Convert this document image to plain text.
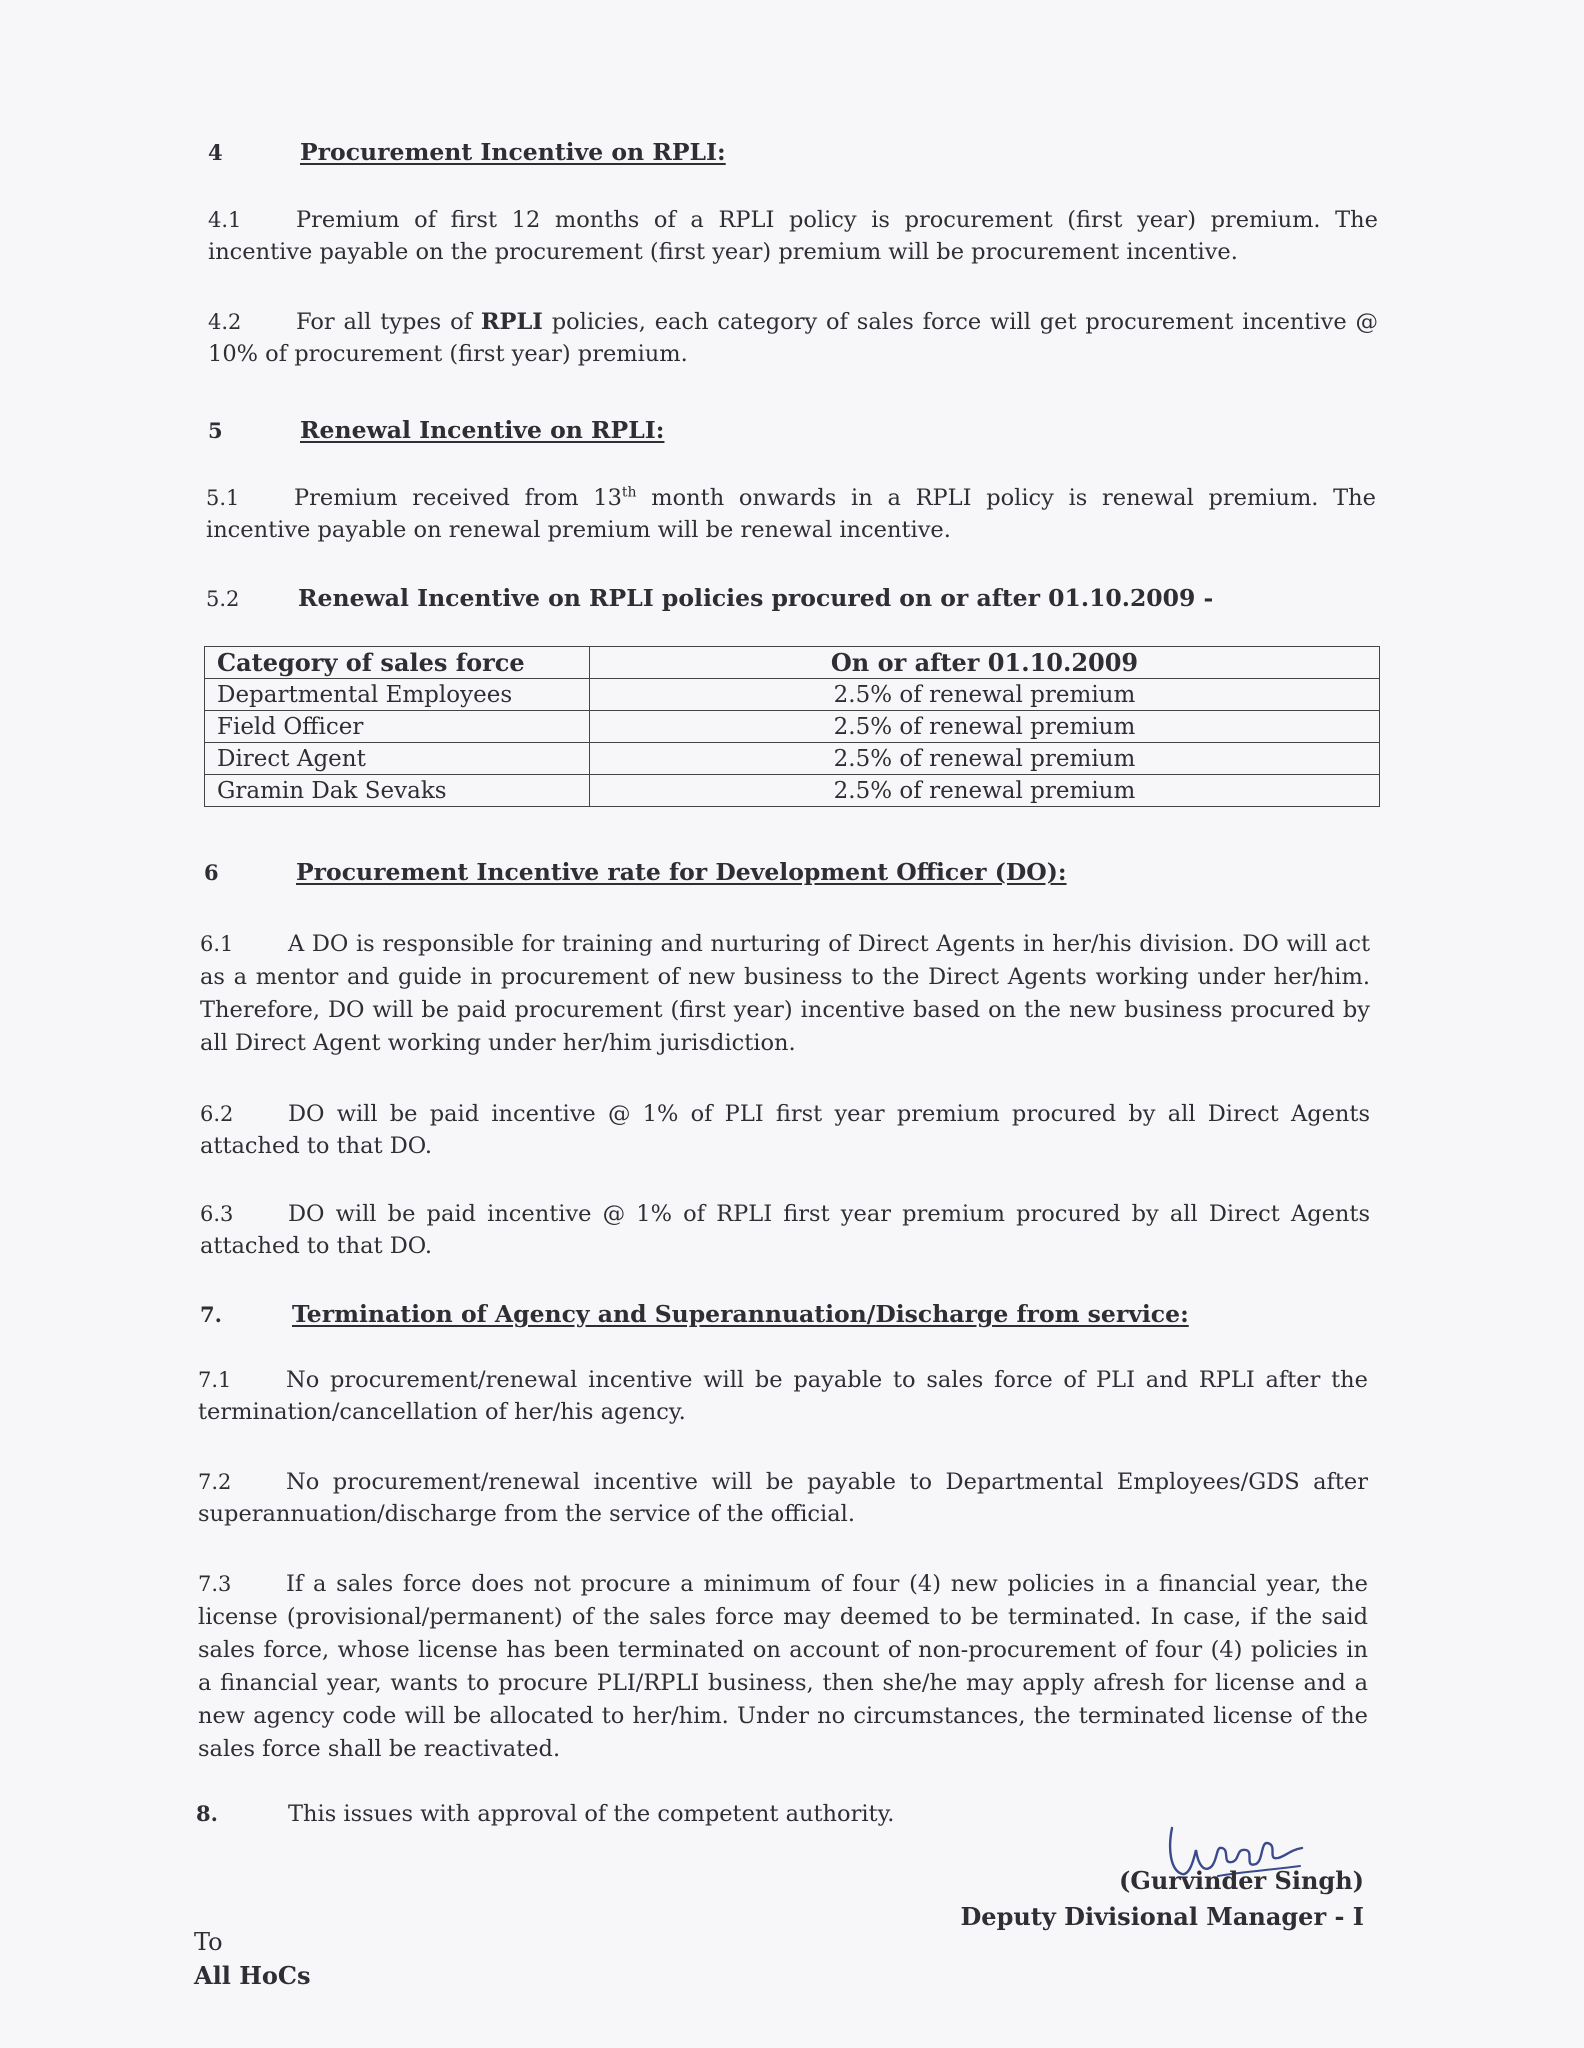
4	Procurement Incentive on RPLI:
4.1 Premium of first 12 months of a RPLI policy is procurement (first year) premium. The incentive payable on the procurement (first year) premium will be procurement incentive.
4.2 For all types of RPLI policies, each category of sales force will get procurement incentive @ 10% of procurement (first year) premium.
5	Renewal Incentive on RPLI:
5.1 Premium received from 13th month onwards in a RPLI policy is renewal premium. The incentive payable on renewal premium will be renewal incentive.
5.2 Renewal Incentive on RPLI policies procured on or after 01.10.2009 -
Category of sales force	On or after 01.10.2009
Departmental Employees	2.5% of renewal premium
Field Officer	2.5% of renewal premium
Direct Agent	2.5% of renewal premium
Gramin Dak Sevaks	2.5% of renewal premium
6	Procurement Incentive rate for Development Officer (DO):
6.1 A DO is responsible for training and nurturing of Direct Agents in her/his division. DO will act as a mentor and guide in procurement of new business to the Direct Agents working under her/him. Therefore, DO will be paid procurement (first year) incentive based on the new business procured by all Direct Agent working under her/him jurisdiction.
6.2 DO will be paid incentive @ 1% of PLI first year premium procured by all Direct Agents attached to that DO.
6.3 DO will be paid incentive @ 1% of RPLI first year premium procured by all Direct Agents attached to that DO.
7.	Termination of Agency and Superannuation/Discharge from service:
7.1 No procurement/renewal incentive will be payable to sales force of PLI and RPLI after the termination/cancellation of her/his agency.
7.2 No procurement/renewal incentive will be payable to Departmental Employees/GDS after superannuation/discharge from the service of the official.
7.3 If a sales force does not procure a minimum of four (4) new policies in a financial year, the license (provisional/permanent) of the sales force may deemed to be terminated. In case, if the said sales force, whose license has been terminated on account of non-procurement of four (4) policies in a financial year, wants to procure PLI/RPLI business, then she/he may apply afresh for license and a new agency code will be allocated to her/him. Under no circumstances, the terminated license of the sales force shall be reactivated.
8.	This issues with approval of the competent authority.
(Gurvinder Singh)
Deputy Divisional Manager - I
To
All HoCs
